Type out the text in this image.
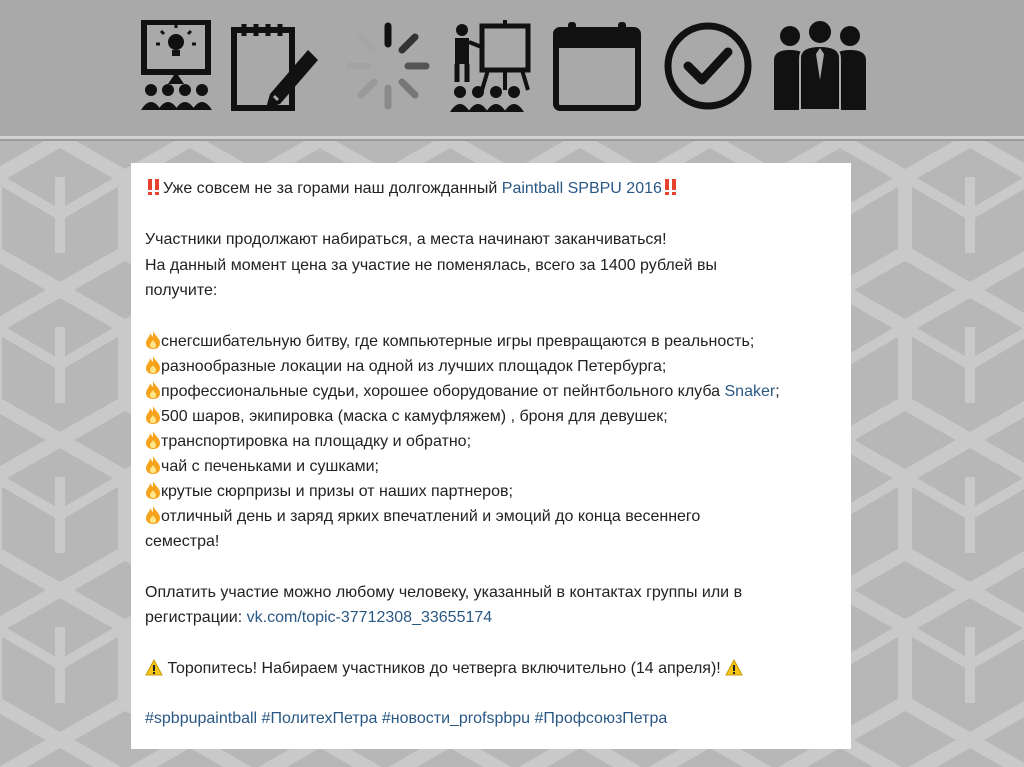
Уже совсем не за горами наш долгожданный Paintball SPBPU 2016
Участники продолжают набираться, а места начинают заканчиваться!
На данный момент цена за участие не поменялась, всего за 1400 рублей вы
получите:
снегсшибательную битву, где компьютерные игры превращаются в реальность;
разнообразные локации на одной из лучших площадок Петербурга;
профессиональные судьи, хорошее оборудование от пейнтбольного клуба Snaker;
500 шаров, экипировка (маска с камуфляжем) , броня для девушек;
транспортировка на площадку и обратно;
чай с печеньками и сушками;
крутые сюрпризы и призы от наших партнеров;
отличный день и заряд ярких впечатлений и эмоций до конца весеннего
семестра!
Оплатить участие можно любому человеку, указанный в контактах группы или в
регистрации: vk.com/topic-37712308_33655174
Торопитесь! Набираем участников до четверга включительно (14 апреля)!
#spbpupaintball #ПолитехПетра #новости_profspbpu #ПрофсоюзПетра
